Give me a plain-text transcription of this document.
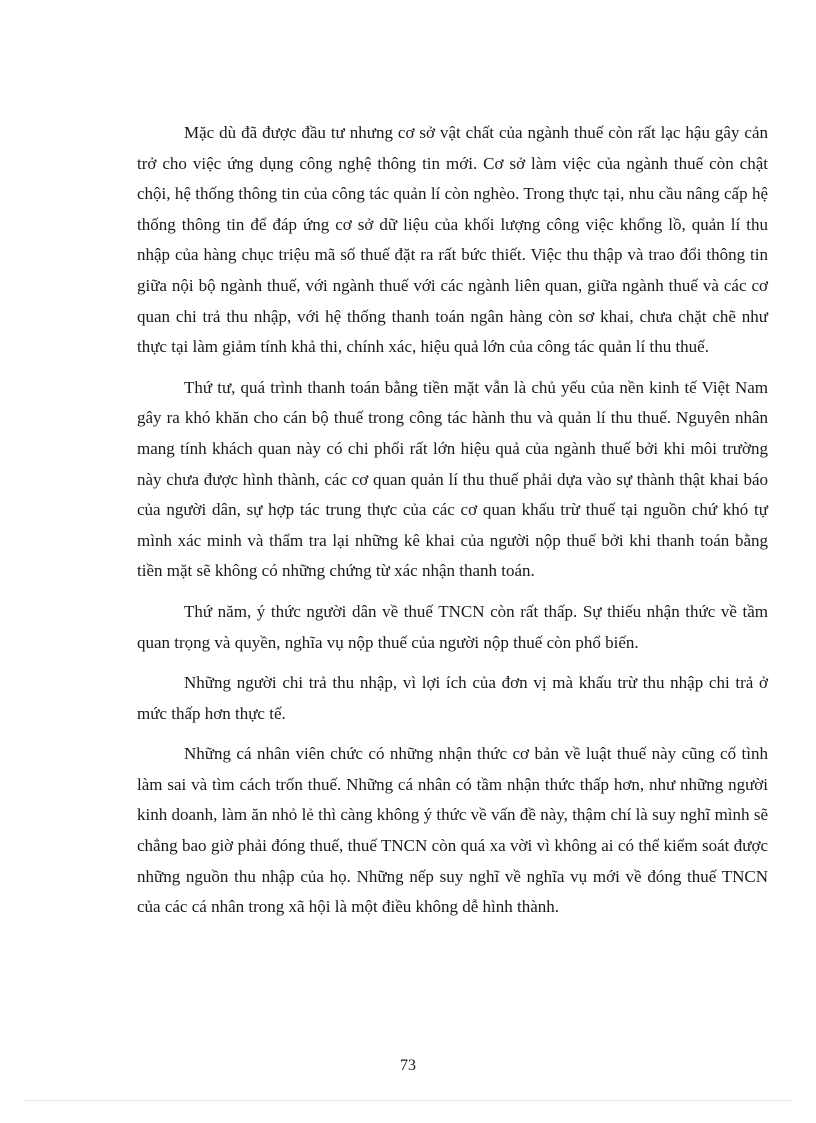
Mặc dù đã được đầu tư nhưng cơ sở vật chất của ngành thuế còn rất lạc hậu gây cản trở cho việc ứng dụng công nghệ thông tin mới. Cơ sở làm việc của ngành thuế còn chật chội, hệ thống thông tin của công tác quản lí còn nghèo. Trong thực tại, nhu cầu nâng cấp hệ thống thông tin để đáp ứng cơ sở dữ liệu của khối lượng công việc khổng lồ, quản lí thu nhập của hàng chục triệu mã số thuế đặt ra rất bức thiết. Việc thu thập và trao đổi thông tin giữa nội bộ ngành thuế, với ngành thuế với các ngành liên quan, giữa ngành thuế và các cơ quan chi trả thu nhập, với hệ thống thanh toán ngân hàng còn sơ khai, chưa chặt chẽ như thực tại làm giảm tính khả thi, chính xác, hiệu quả lớn của công tác quản lí thu thuế.

Thứ tư, quá trình thanh toán bằng tiền mặt vẫn là chủ yếu của nền kinh tế Việt Nam gây ra khó khăn cho cán bộ thuế trong công tác hành thu và quản lí thu thuế. Nguyên nhân mang tính khách quan này có chi phối rất lớn hiệu quả của ngành thuế bởi khi môi trường này chưa được hình thành, các cơ quan quản lí thu thuế phải dựa vào sự thành thật khai báo của người dân, sự hợp tác trung thực của các cơ quan khấu trừ thuế tại nguồn chứ khó tự mình xác minh và thẩm tra lại những kê khai của người nộp thuế bởi khi thanh toán bằng tiền mặt sẽ không có những chứng từ xác nhận thanh toán.

Thứ năm, ý thức người dân về thuế TNCN còn rất thấp. Sự thiếu nhận thức về tầm quan trọng và quyền, nghĩa vụ nộp thuế của người nộp thuế còn phổ biến.

Những người chi trả thu nhập, vì lợi ích của đơn vị mà khấu trừ thu nhập chi trả ở mức thấp hơn thực tế.

Những cá nhân viên chức có những nhận thức cơ bản về luật thuế này cũng cố tình làm sai và tìm cách trốn thuế. Những cá nhân có tầm nhận thức thấp hơn, như những người kinh doanh, làm ăn nhỏ lẻ thì càng không ý thức về vấn đề này, thậm chí là suy nghĩ mình sẽ chẳng bao giờ phải đóng thuế, thuế TNCN còn quá xa vời vì không ai có thể kiểm soát được những nguồn thu nhập của họ. Những nếp suy nghĩ về nghĩa vụ mới về đóng thuế TNCN của các cá nhân trong xã hội là một điều không dễ hình thành.

73
